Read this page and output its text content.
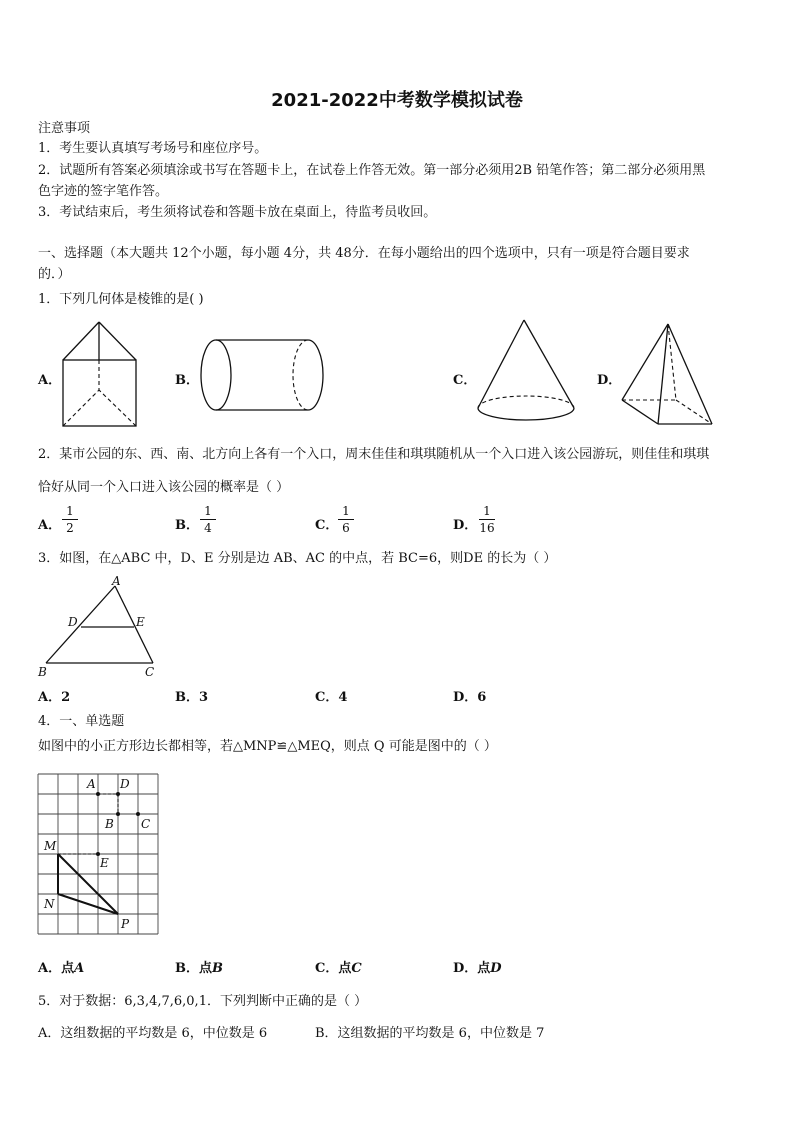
2021-2022中考数学模拟试卷
注意事项
1．考生要认真填写考场号和座位序号。
2．试题所有答案必须填涂或书写在答题卡上，在试卷上作答无效。第一部分必须用2B 铅笔作答；第二部分必须用黑
色字迹的签字笔作答。
3．考试结束后，考生须将试卷和答题卡放在桌面上，待监考员收回。
一、选择题（本大题共 12个小题，每小题 4分，共 48分．在每小题给出的四个选项中，只有一项是符合题目要求
的．）
1．下列几何体是棱锥的是( )
A．	B．	C．	D．
2．某市公园的东、西、南、北方向上各有一个入口，周末佳佳和琪琪随机从一个入口进入该公园游玩，则佳佳和琪琪
恰好从同一个入口进入该公园的概率是（ ）
A．
1
2	B．
1
4	C．
1
6	D．
1
16
3．如图，在△ABC 中，D、E 分别是边 AB、AC 的中点，若 BC=6，则DE 的长为（ ）
A
D	E
B	C
A．2	B．3	C．4	D．6
4．一、单选题
如图中的小正方形边长都相等，若△MNP≌△MEQ，则点 Q 可能是图中的（ ）
A D
B C
M
E
N
P
A．点A	B．点B	C．点C	D．点D
5．对于数据：6,3,4,7,6,0,1．下列判断中正确的是（ ）
A．这组数据的平均数是 6，中位数是 6	B．这组数据的平均数是 6，中位数是 7
